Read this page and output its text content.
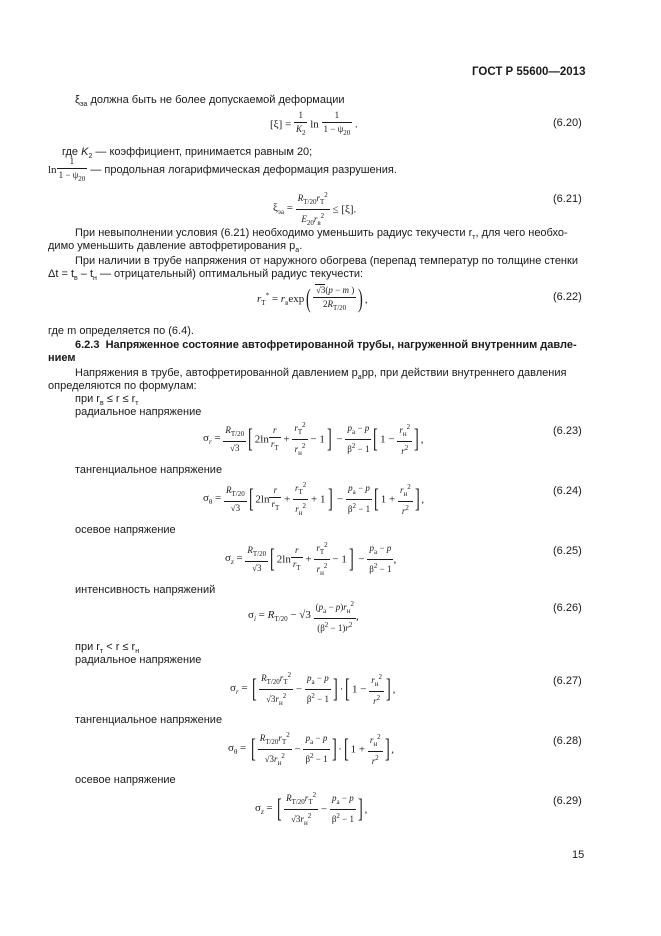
ГОСТ Р 55600—2013
$\xi_{эа}$ должна быть не более допускаемой деформации
$[\xi] = \frac{1}{K_2}$ $\ln \frac{1}{1 - \psi_{20}}$ .	(6.20)
где $K_2$ — коэффициент, принимается равным 20;
$\ln \frac{1}{1 - \psi_{20}}$ — продольная логарифмическая деформация разрушения.
$\xi_{эа} = \frac{R_{T/20}r_T^2}{E_{20}r_в^2} \le [\xi]$.
(6.21)
При невыполнении условия (6.21) необходимо уменьшить радиус текучести $r_т$, для чего необхо-
димо уменьшить давление автофретирования $p_а$.
При наличии в трубе напряжения от наружного обогрева (перепад температур по толщине стенки
$\Delta t = t_в - t_н$ — отрицательный) оптимальный радиус текучести:
$r_T^* = r_в\exp( \frac{√3(p - m )}{2R_{T/20}}$ ) ,	(6.22)
где m определяется по (6.4).
6.2.3 Напряженное состояние автофретированной трубы, нагруженной внутренним давле-
нием
Напряжения в трубе, автофретированной давлением $p_аpp$, при действии внутреннего давления
определяются по формулам:
при $r_в \le r \le r_т$
радиальное напряжение
$\sigma_r = \frac{R_{T/20}}{√3}$ [ $2\ln \frac{r}{r_T} + \frac{r_T^2}{r_н^2} - 1] - \frac{p_a - p}{\beta^2 - 1}$ [ $1 - \frac{r_н^2}{r^2}$ ] ,
(6.23)
тангенциальное напряжение
$\sigma_\theta = \frac{R_{T/20}}{√3}$ [ $2\ln \frac{r}{r_T} + \frac{r_T^2}{r_н^2} + 1] - \frac{p_a - p}{\beta^2 - 1}$ [ $1 + \frac{r_н^2}{r^2}$ ] ,
(6.24)
осевое напряжение
$\sigma_z = \frac{R_{T/20}}{√3}$ [ $2\ln \frac{r}{r_T} + \frac{r_T^2}{r_н^2} - 1] - \frac{p_a - p}{\beta^2 - 1}$ ,
(6.25)
интенсивность напряжений
$\sigma_i = R_{T/20} - √3 \frac{(p_a - p)r_н^2}{(\beta^2 - 1)r^2}$ ,
(6.26)
при $r_т < r \le r_н$
радиальное напряжение
$\sigma_r$ = [ $\frac{R_{T/20}r_T^2}{√3r_н^2} - \frac{p_a - p}{\beta^2 - 1}$ ] ·[ $1 - \frac{r_н^2}{r^2}$ ] ,
(6.27)
тангенциальное напряжение
$\sigma_\theta$ = [ $\frac{R_{T/20}r_T^2}{√3r_н^2} - \frac{p_a - p}{\beta^2 - 1}$ ] ·[ $1 + \frac{r_н^2}{r^2}$ ] ,
(6.28)
осевое напряжение
$\sigma_z$ = [ $\frac{R_{T/20}r_T^2}{√3r_н^2} - \frac{p_a - p}{\beta^2 - 1}$ ] ,
(6.29)
15
